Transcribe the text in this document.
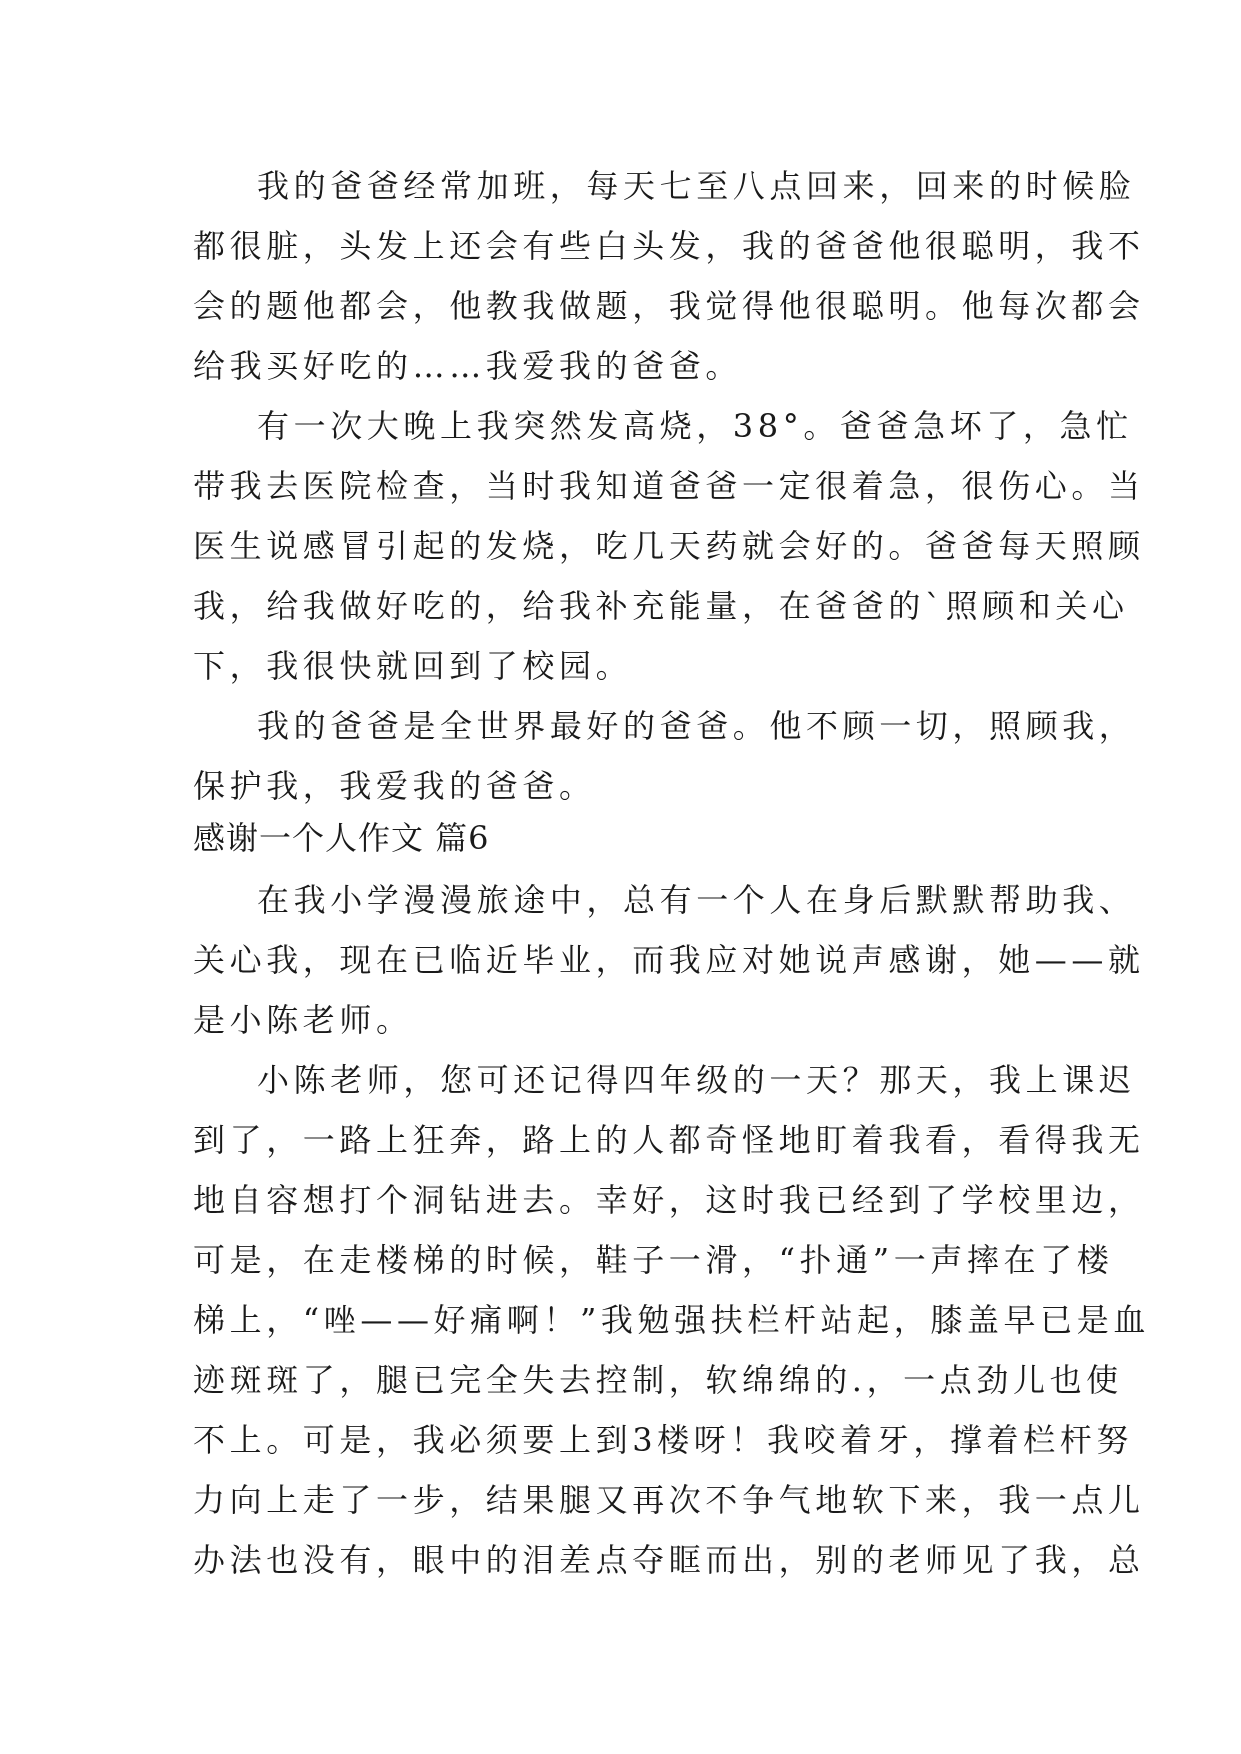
我的爸爸经常加班，每天七至八点回来，回来的时候脸
都很脏，头发上还会有些白头发，我的爸爸他很聪明，我不
会的题他都会，他教我做题，我觉得他很聪明。他每次都会
给我买好吃的……我爱我的爸爸。
有一次大晚上我突然发高烧，38°。爸爸急坏了，急忙
带我去医院检查，当时我知道爸爸一定很着急，很伤心。当
医生说感冒引起的发烧，吃几天药就会好的。爸爸每天照顾
我，给我做好吃的，给我补充能量，在爸爸的`照顾和关心
下，我很快就回到了校园。
我的爸爸是全世界最好的爸爸。他不顾一切，照顾我，
保护我，我爱我的爸爸。
感谢一个人作文 篇6
在我小学漫漫旅途中，总有一个人在身后默默帮助我、
关心我，现在已临近毕业，而我应对她说声感谢，她——就
是小陈老师。
小陈老师，您可还记得四年级的一天？那天，我上课迟
到了，一路上狂奔，路上的人都奇怪地盯着我看，看得我无
地自容想打个洞钻进去。幸好，这时我已经到了学校里边，
可是，在走楼梯的时候，鞋子一滑，“扑通”一声摔在了楼
梯上，“唑——好痛啊！”我勉强扶栏杆站起，膝盖早已是血
迹斑斑了，腿已完全失去控制，软绵绵的.，一点劲儿也使
不上。可是，我必须要上到3楼呀！我咬着牙，撑着栏杆努
力向上走了一步，结果腿又再次不争气地软下来，我一点儿
办法也没有，眼中的泪差点夺眶而出，别的老师见了我，总
